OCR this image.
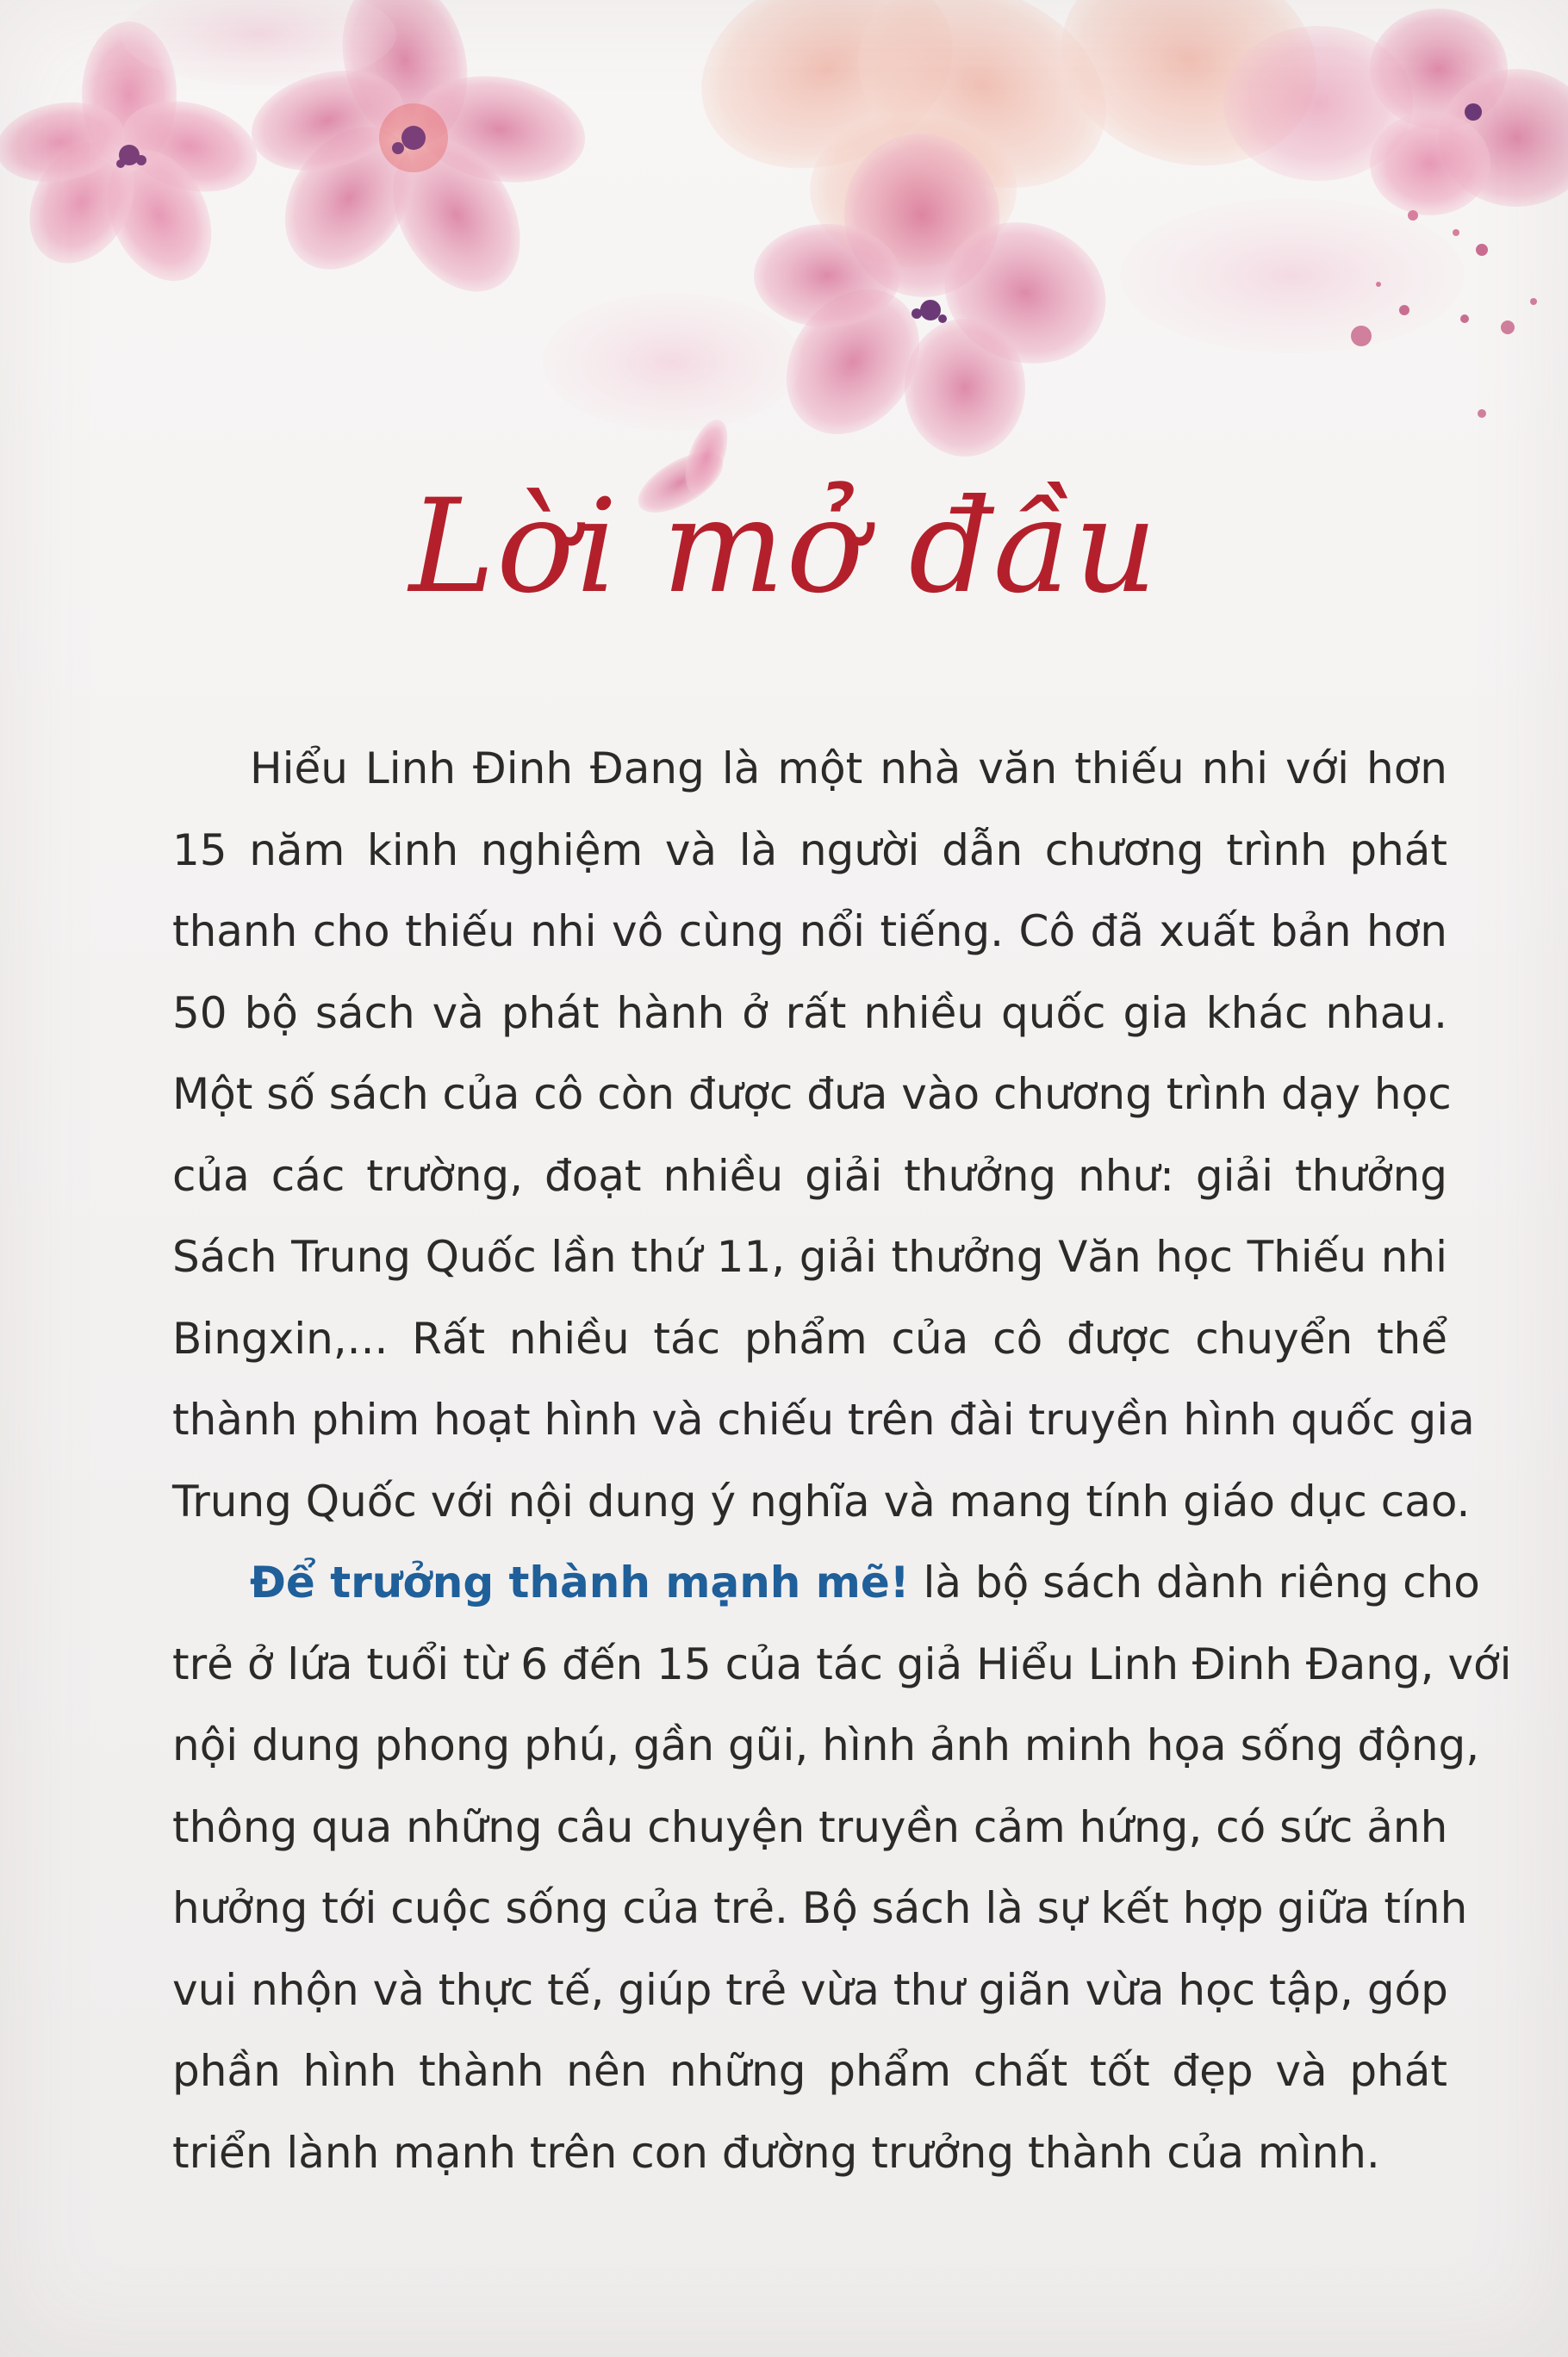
Lời mở đầu
Hiểu Linh Đinh Đang là một nhà văn thiếu nhi với hơn
15 năm kinh nghiệm và là người dẫn chương trình phát
thanh cho thiếu nhi vô cùng nổi tiếng. Cô đã xuất bản hơn
50 bộ sách và phát hành ở rất nhiều quốc gia khác nhau.
Một số sách của cô còn được đưa vào chương trình dạy học
của các trường, đoạt nhiều giải thưởng như: giải thưởng
Sách Trung Quốc lần thứ 11, giải thưởng Văn học Thiếu nhi
Bingxin,... Rất nhiều tác phẩm của cô được chuyển thể
thành phim hoạt hình và chiếu trên đài truyền hình quốc gia
Trung Quốc với nội dung ý nghĩa và mang tính giáo dục cao.
Để trưởng thành mạnh mẽ! là bộ sách dành riêng cho
trẻ ở lứa tuổi từ 6 đến 15 của tác giả Hiểu Linh Đinh Đang, với
nội dung phong phú, gần gũi, hình ảnh minh họa sống động,
thông qua những câu chuyện truyền cảm hứng, có sức ảnh
hưởng tới cuộc sống của trẻ. Bộ sách là sự kết hợp giữa tính
vui nhộn và thực tế, giúp trẻ vừa thư giãn vừa học tập, góp
phần hình thành nên những phẩm chất tốt đẹp và phát
triển lành mạnh trên con đường trưởng thành của mình.
